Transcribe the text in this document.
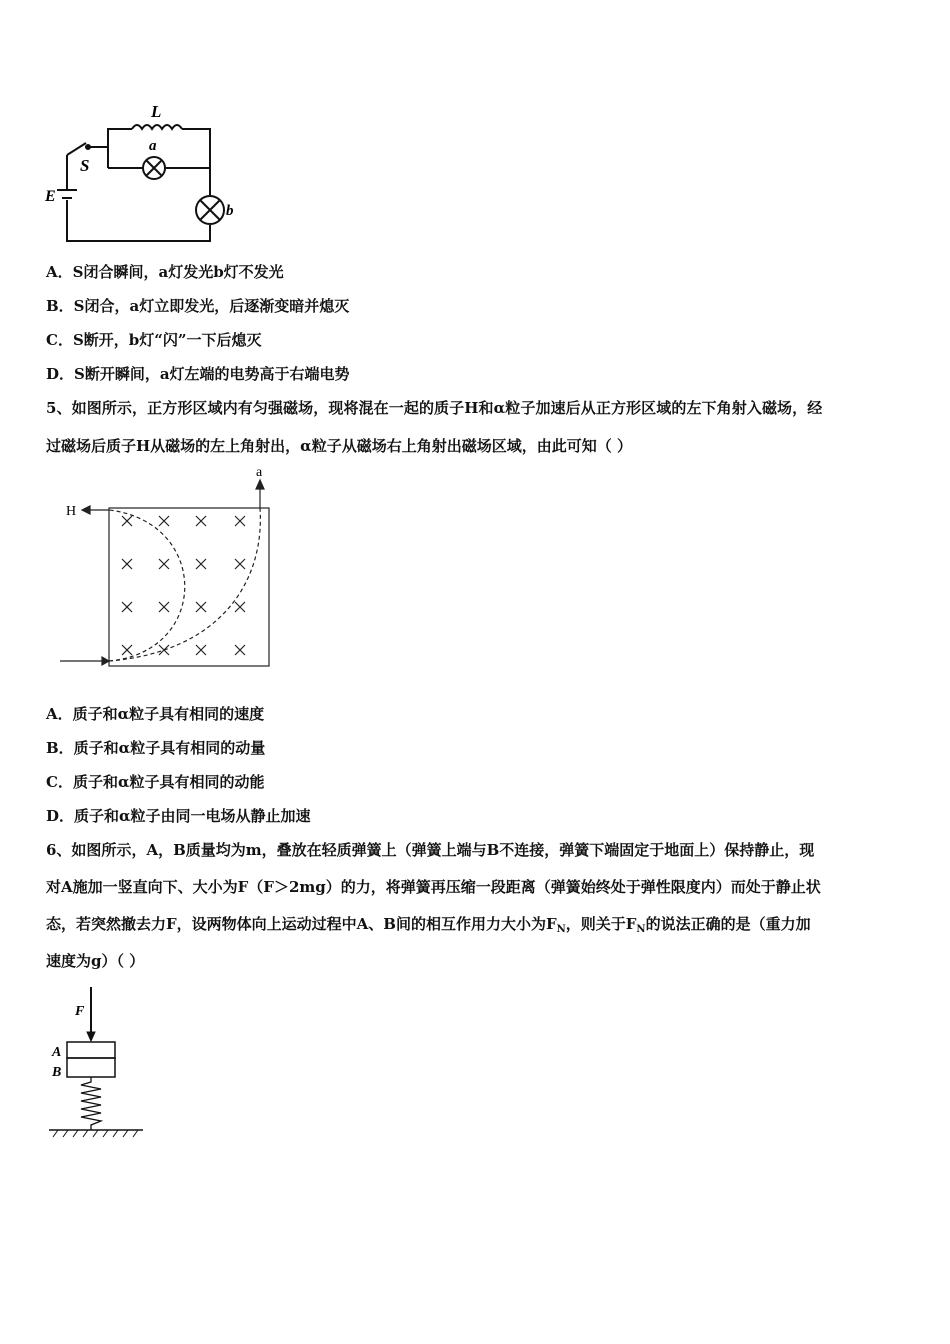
L
S
E
a
b
A．S闭合瞬间，a灯发光b灯不发光
B．S闭合，a灯立即发光，后逐渐变暗并熄灭
C．S断开，b灯“闪”一下后熄灭
D．S断开瞬间，a灯左端的电势高于右端电势
5、如图所示，正方形区域内有匀强磁场，现将混在一起的质子H和α粒子加速后从正方形区域的左下角射入磁场，经
过磁场后质子H从磁场的左上角射出，α粒子从磁场右上角射出磁场区域，由此可知（ ）
H
a
A．质子和α粒子具有相同的速度
B．质子和α粒子具有相同的动量
C．质子和α粒子具有相同的动能
D．质子和α粒子由同一电场从静止加速
6、如图所示，A，B质量均为m，叠放在轻质弹簧上（弹簧上端与B不连接，弹簧下端固定于地面上）保持静止，现
对A施加一竖直向下、大小为F（F＞2mg）的力，将弹簧再压缩一段距离（弹簧始终处于弹性限度内）而处于静止状
态，若突然撤去力F，设两物体向上运动过程中A、B间的相互作用力大小为$F_N$，则关于$F_N$的说法正确的是（重力加
速度为g）（ ）
F
A
B
